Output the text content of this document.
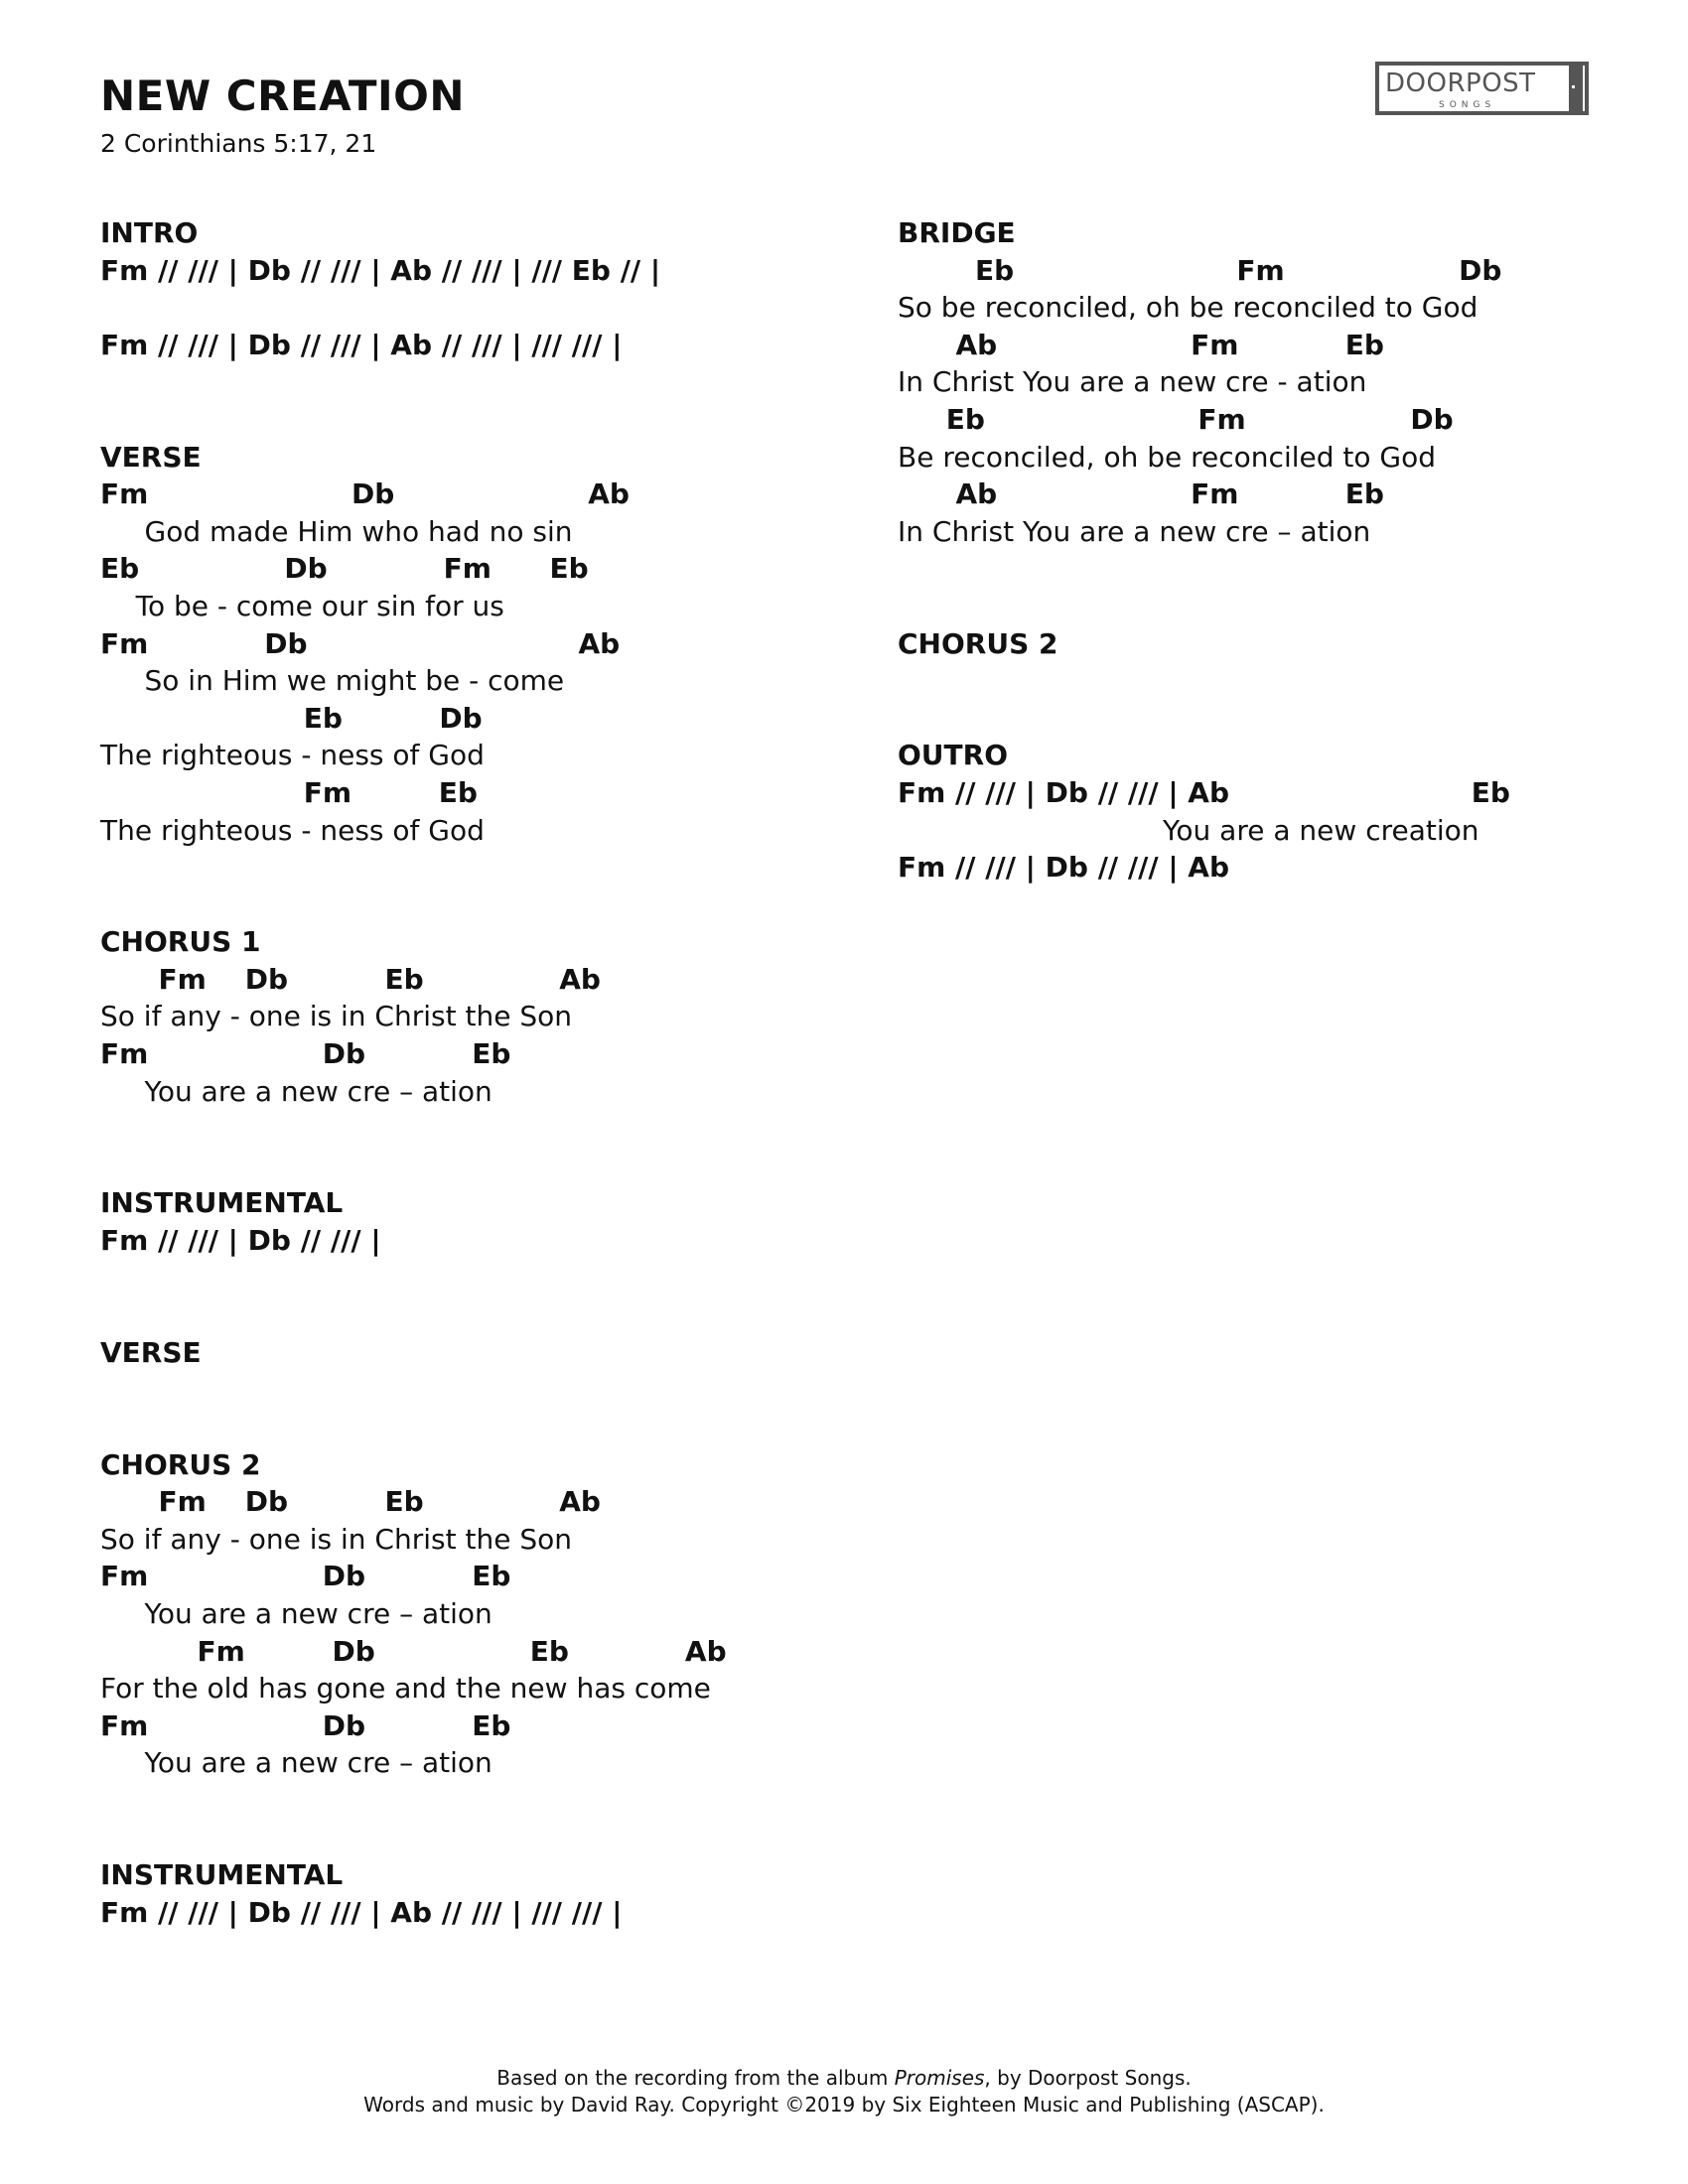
NEW CREATION
2 Corinthians 5:17, 21
DOORPOST
SONGS
INTRO
Fm // /// | Db // /// | Ab // /// | /// Eb // |
Fm // /// | Db // /// | Ab // /// | /// /// |
VERSE
Fm                     Db                    Ab
God made Him who had no sin
Eb               Db            Fm      Eb
To be - come our sin for us
Fm            Db                            Ab
So in Him we might be - come
Eb          Db
The righteous - ness of God
Fm         Eb
The righteous - ness of God
CHORUS 1
Fm    Db          Eb              Ab
So if any - one is in Christ the Son
Fm                  Db           Eb
You are a new cre – ation
INSTRUMENTAL
Fm // /// | Db // /// |
VERSE
CHORUS 2
Fm    Db          Eb              Ab
So if any - one is in Christ the Son
Fm                  Db           Eb
You are a new cre – ation
Fm         Db                Eb            Ab
For the old has gone and the new has come
Fm                  Db           Eb
You are a new cre – ation
INSTRUMENTAL
Fm // /// | Db // /// | Ab // /// | /// /// |
BRIDGE
Eb                       Fm                  Db
So be reconciled, oh be reconciled to God
Ab                    Fm           Eb
In Christ You are a new cre - ation
Eb                      Fm                 Db
Be reconciled, oh be reconciled to God
Ab                    Fm           Eb
In Christ You are a new cre – ation
CHORUS 2
OUTRO
Fm // /// | Db // /// | Ab                         Eb
You are a new creation
Fm // /// | Db // /// | Ab
Based on the recording from the album Promises, by Doorpost Songs.
Words and music by David Ray. Copyright ©2019 by Six Eighteen Music and Publishing (ASCAP).
